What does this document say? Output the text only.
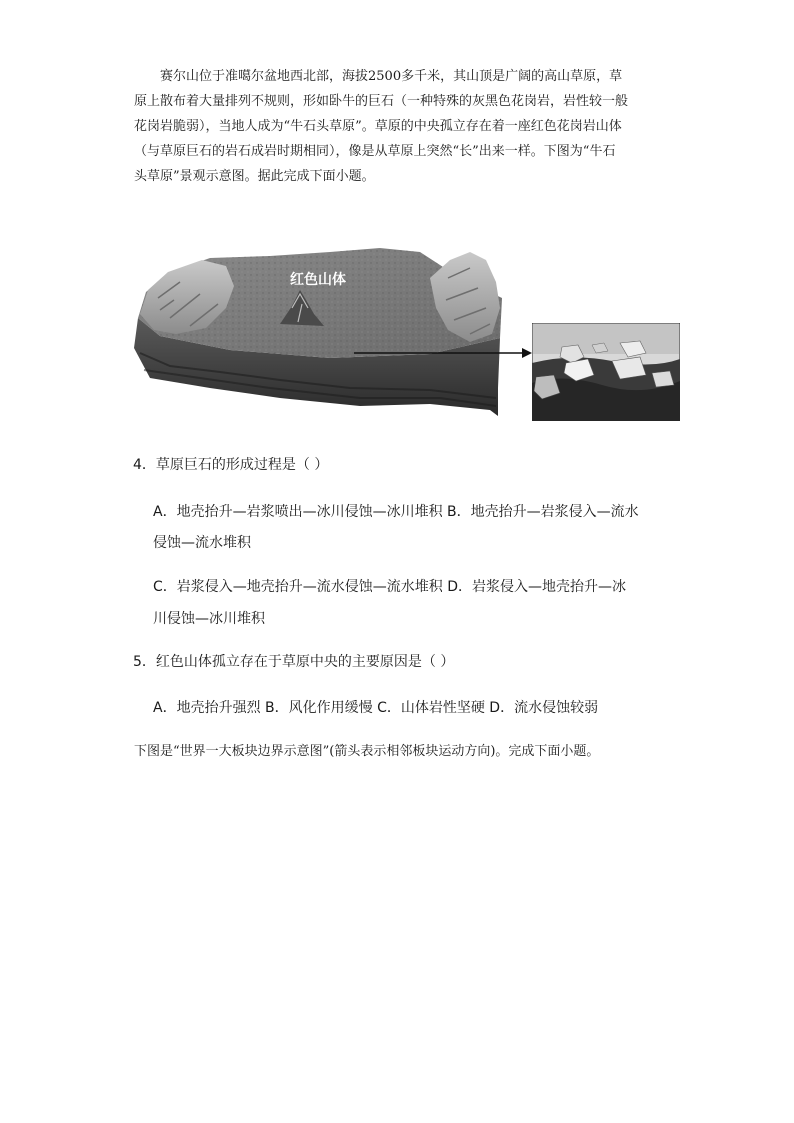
赛尔山位于准噶尔盆地西北部，海拔2500多千米，其山顶是广阔的高山草原，草
原上散布着大量排列不规则，形如卧牛的巨石（一种特殊的灰黑色花岗岩，岩性较一般
花岗岩脆弱），当地人成为“牛石头草原”。草原的中央孤立存在着一座红色花岗岩山体
（与草原巨石的岩石成岩时期相同），像是从草原上突然“长”出来一样。下图为“牛石
头草原”景观示意图。据此完成下面小题。
红色山体

4．草原巨石的形成过程是（ ）

A．地壳抬升—岩浆喷出—冰川侵蚀—冰川堆积 B．地壳抬升—岩浆侵入—流水

侵蚀—流水堆积

C．岩浆侵入—地壳抬升—流水侵蚀—流水堆积 D．岩浆侵入—地壳抬升—冰

川侵蚀—冰川堆积

5．红色山体孤立存在于草原中央的主要原因是（ ）

A．地壳抬升强烈 B．风化作用缓慢 C．山体岩性坚硬 D．流水侵蚀较弱

下图是“世界一大板块边界示意图”(箭头表示相邻板块运动方向)。完成下面小题。
